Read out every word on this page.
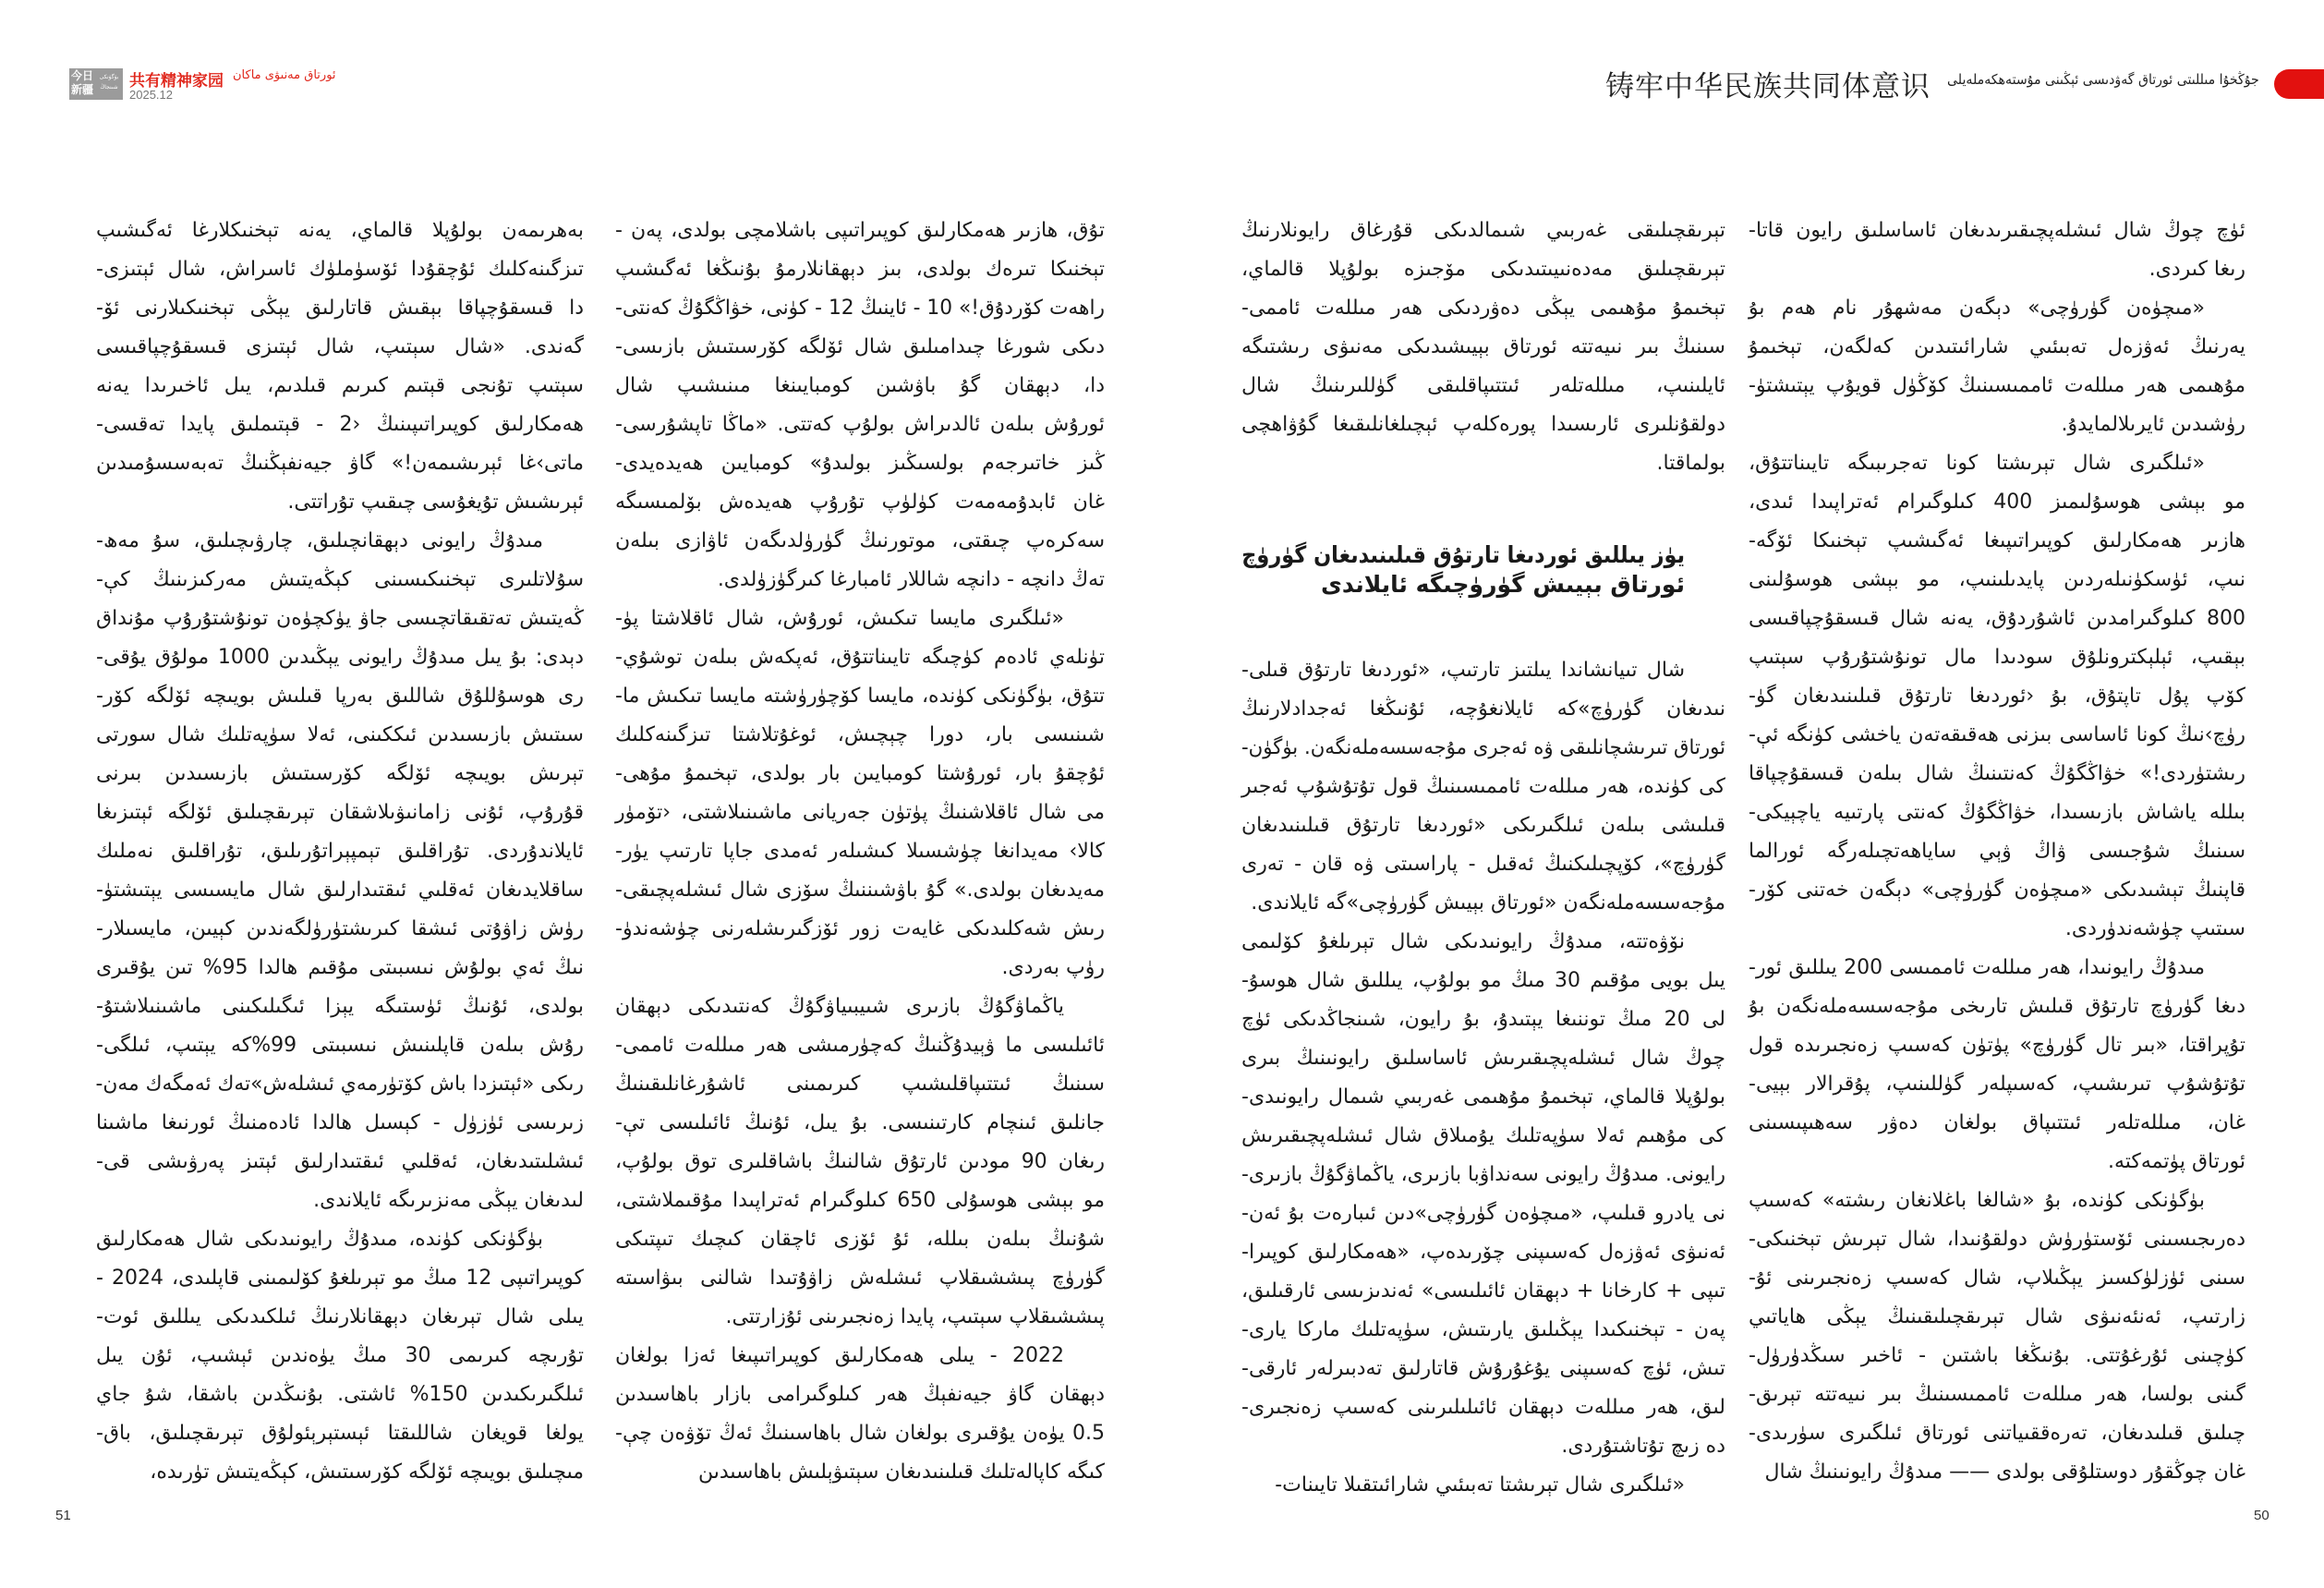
今日新疆
بۈگۈنكى شىنجاڭ 共有精神家园 ئورتاق مەنىۋى ماكان
2025.12	铸牢中华民族共同体意识 جۇڭخۇا مىللىتى ئورتاق گەۋدىسى ئېڭىنى مۇستەھكەملەيلى
بەھرىمەن بولۇپلا قالماي، يەنە تېخنىكلارغا ئەگىشىپ
تىزگىنەكلىك ئۇچقۇدا ئۆسۈملۈك ئاسراش، شال ئېتىزى-
دا قىسقۇچپاقا بېقىش قاتارلىق يېڭى تېخنىكىلارنى ئۆ-
گەندى. «شال سېتىپ، شال ئېتىزى قىسقۇچپاقىسى
سېتىپ تۇنجى قېتىم كىرىم قىلدىم، يىل ئاخىرىدا يەنە
ھەمكارلىق كوپىراتىپىنىڭ ‹2 - قېتىملىق پايدا تەقسى-
ماتى›غا ئېرىشىمەن!» گاۋ جيەنفېڭنىڭ تەبەسسۇمىدىن
ئېرىشىش تۇيغۇسى چىقىپ تۇراتتى.
مىدۇڭ رايونى دېھقانچىلىق، چارۋىچىلىق، سۇ مەھ-
سۇلاتلىرى تېخنىكىسىنى كېڭەيتىش مەركىزىنىڭ كې-
ڭەيتىش تەتقىقاتچىسى جاۋ يۈكچۈەن تونۇشتۇرۇپ مۇنداق
دېدى: بۇ يىل مىدۇڭ رايونى يېڭىدىن 1000 مولۇق يۇقى-
رى ھوسۇللۇق شاللىق بەرپا قىلىش بويىچە ئۆلگە كۆر-
سىتىش بازىسىدىن ئىككىنى، ئەلا سۈپەتلىك شال سورتى
تېرىش بويىچە ئۆلگە كۆرسىتىش بازىسىدىن بىرنى
قۇرۇپ، ئۇنى زامانىۋىلاشقان تېرىقچىلىق ئۆلگە ئېتىزىغا
ئايلاندۇردى. تۇراقلىق تېمپېراتۇرىلىق، تۇراقلىق نەملىك
ساقلايدىغان ئەقلىي ئىقتىدارلىق شال مايسىسى يېتىشتۈ-
رۈش زاۋۇتى ئىشقا كىرىشتۈرۈلگەندىن كېيىن، مايسىلار-
نىڭ ئەي بولۇش نىسبىتى مۇقىم ھالدا 95% تىن يۇقىرى
بولدى، ئۇنىڭ ئۈستىگە يېزا ئىگىلىكىنى ماشىنىلاشتۇ-
رۇش بىلەن قاپلىنىش نىسبىتى 99%كە يېتىپ، ئىلگى-
رىكى «ئېتىزدا باش كۆتۈرمەي ئىشلەش»تەك ئەمگەك مەن-
زىرىسى ئۈزۈل - كېسىل ھالدا ئادەمنىڭ ئورنىغا ماشىنا
ئىشلىتىدىغان، ئەقلىي ئىقتىدارلىق ئېتىز پەرۋىشى قى-
لىدىغان يېڭى مەنزىرىگە ئايلاندى.
بۈگۈنكى كۈندە، مىدۇڭ رايونىدىكى شال ھەمكارلىق
كوپىراتىپى 12 مىڭ مو تېرىلغۇ كۆلىمىنى قاپلىدى، 2024 -
يىلى شال تېرىغان دېھقانلارنىڭ ئىلكىدىكى يىللىق ئوت-
تۇرىچە كىرىمى 30 مىڭ يۈەندىن ئېشىپ، ئۇن يىل
ئىلگىرىكىدىن 150% ئاشتى. بۇنىڭدىن باشقا، شۇ جاي
يولغا قويغان شاللىقتا ئېستېرېئولۇق تېرىقچىلىق، باق-
مىچىلىق بويىچە ئۆلگە كۆرسىتىش، كېڭەيتىش تۈرىدە،
تۇق، ھازىر ھەمكارلىق كوپىراتىپى باشلامچى بولدى، پەن -
تېخنىكا تىرەك بولدى، بىز دېھقانلارمۇ بۇنىڭغا ئەگىشىپ
راھەت كۆردۇق!» 10 - ئاينىڭ 12 - كۈنى، خۋاڭگۇڭ كەنتى-
دىكى شورغا چىدامىلىق شال ئۆلگە كۆرسىتىش بازىسى-
دا، دېھقان گۇ باۋشىن كومبايىنغا مىنىشىپ شال
ئورۇش بىلەن ئالدىراش بولۇپ كەتتى. «ماڭا تاپشۇرسى-
ڭىز خاتىرجەم بولسىڭىز بولىدۇ» كومبايىن ھەيدەيدى-
غان ئابدۇمەمەت كۈلۈپ تۇرۇپ ھەيدەش بۆلمىسىگە
سەكرەپ چىقتى، موتورنىڭ گۈرۈلدىگەن ئاۋازى بىلەن
تەڭ دانچە - دانچە شاللار ئامبارغا كىرگۈزۈلدى.
«ئىلگىرى مايسا تىكىش، ئورۇش، شال ئاقلاشتا پۈ-
تۈنلەي ئادەم كۈچىگە تايىناتتۇق، ئەپكەش بىلەن توشۇي-
تتۇق، بۈگۈنكى كۈندە، مايسا كۆچۈرۈشتە مايسا تىكىش ما-
شىنىسى بار، دورا چېچىش، ئوغۇتلاشتا تىزگىنەكلىك
ئۇچقۇ بار، ئورۇشتا كومبايىن بار بولدى، تېخىمۇ مۇھى-
مى شال ئاقلاشنىڭ پۈتۈن جەريانى ماشىنىلاشتى، ‹تۆمۈر
كالا› مەيدانغا چۈشسىلا كىشىلەر ئەمدى جاپا تارتىپ يۈر-
مەيدىغان بولدى.» گۇ باۋشىننىڭ سۆزى شال ئىشلەپچىقى-
رىش شەكلىدىكى غايەت زور ئۆزگىرىشلەرنى چۈشەندۈ-
رۈپ بەردى.
ياڭماۋگۇڭ بازىرى شىيبىياۋگۇڭ كەنتىدىكى دېھقان
ئائىلىسى ما ۋېيدۇڭنىڭ كەچۈرمىشى ھەر مىللەت ئاممى-
سىنىڭ ئىتتىپاقلىشىپ كىرىمىنى ئاشۇرغانلىقىنىڭ
جانلىق ئىنچام كارتىنىسى. بۇ يىل، ئۇنىڭ ئائىلىسى تې-
رىغان 90 مودىن ئارتۇق شالنىڭ باشاقلىرى توق بولۇپ،
مو بېشى ھوسۇلى 650 كىلوگىرام ئەتراپىدا مۇقىملاشتى،
شۇنىڭ بىلەن بىللە، ئۇ ئۆزى ئاچقان كىچىك تىپتىكى
گۈرۈچ پىششىقلاپ ئىشلەش زاۋۇتىدا شالنى بىۋاسىتە
پىششىقلاپ سېتىپ، پايدا زەنجىرىنى ئۇزارتتى.
2022 - يىلى ھەمكارلىق كوپىراتىپىغا ئەزا بولغان
دېھقان گاۋ جيەنفېڭ ھەر كىلوگىرامى بازار باھاسىدىن
0.5 يۈەن يۇقىرى بولغان شال باھاسىنىڭ ئەڭ تۆۋەن چې-
كىگە كاپالەتلىك قىلىنىدىغان سېتىۋېلىش باھاسىدىن
تېرىقچىلىقى غەربىي شىمالدىكى قۇرغاق رايونلارنىڭ
تېرىقچىلىق مەدەنىيىتىدىكى مۆجىزە بولۇپلا قالماي،
تېخىمۇ مۇھىمى يېڭى دەۋردىكى ھەر مىللەت ئاممى-
سىنىڭ بىر نىيەتتە ئورتاق بېيىشىدىكى مەنىۋى رىشتىگە
ئايلىنىپ، مىللەتلەر ئىتتىپاقلىقى گۈللىرىنىڭ شال
دولقۇنلىرى ئارىسىدا پورەكلەپ ئېچىلغانلىقىغا گۇۋاھچى
بولماقتا.
يۈز يىللىق ئوردىغا تارتۇق قىلىنىدىغان گۈرۈچ
ئورتاق بېيىش گۈرۈچىگە ئايلاندى
شال تىيانشاندا يىلتىز تارتىپ، «ئوردىغا تارتۇق قىلى-
نىدىغان گۈرۈچ»كە ئايلانغۇچە، ئۇنىڭغا ئەجدادلارنىڭ
ئورتاق تىرىشچانلىقى ۋە ئەجرى مۇجەسسەملەنگەن. بۈگۈن-
كى كۈندە، ھەر مىللەت ئاممىسىنىڭ قول تۇتۇشۇپ ئەجىر
قىلىشى بىلەن ئىلگىرىكى «ئوردىغا تارتۇق قىلىنىدىغان
گۈرۈچ»، كۆپچىلىكنىڭ ئەقىل - پاراسىتى ۋە قان - تەرى
مۇجەسسەملەنگەن «ئورتاق بېيىش گۈرۈچى»گە ئايلاندى.
نۆۋەتتە، مىدۇڭ رايونىدىكى شال تېرىلغۇ كۆلىمى
يىل بويى مۇقىم 30 مىڭ مو بولۇپ، يىللىق شال ھوسۇ-
لى 20 مىڭ توننىغا يېتىدۇ، بۇ رايون، شىنجاڭدىكى ئۈچ
چوڭ شال ئىشلەپچىقىرىش ئاساسلىق رايونىنىڭ بىرى
بولۇپلا قالماي، تېخىمۇ مۇھىمى غەربىي شىمال رايونىدى-
كى مۇھىم ئەلا سۈپەتلىك يۇمىلاق شال ئىشلەپچىقىرىش
رايونى. مىدۇڭ رايونى سەنداۋبا بازىرى، ياڭماۋگۇڭ بازىرى-
نى يادرو قىلىپ، «مىچۈەن گۈرۈچى»دىن ئىبارەت بۇ ئەن-
ئەنىۋى ئەۋزەل كەسىپنى چۆرىدەپ، «ھەمكارلىق كوپىرا-
تىپى + كارخانا + دېھقان ئائىلىسى» ئەندىزىسى ئارقىلىق،
پەن - تېخنىكىدا يېڭىلىق يارىتىش، سۈپەتلىك ماركا يارى-
تىش، ئۈچ كەسىپنى يۇغۇرۇش قاتارلىق تەدبىرلەر ئارقى-
لىق، ھەر مىللەت دېھقان ئائىلىلىرىنى كەسىپ زەنجىرى-
دە زىچ تۇتاشتۇردى.
«ئىلگىرى شال تېرىشتا تەبىئىي شارائىتقىلا تايىنات-
ئۈچ چوڭ شال ئىشلەپچىقىرىدىغان ئاساسلىق رايون قاتا-
رىغا كىردى.
«مىچۈەن گۈرۈچى» دېگەن مەشھۇر نام ھەم بۇ
يەرنىڭ ئەۋزەل تەبىئىي شارائىتىدىن كەلگەن، تېخىمۇ
مۇھىمى ھەر مىللەت ئاممىسىنىڭ كۆڭۈل قويۇپ يېتىشتۈ-
رۈشىدىن ئايرىلالمايدۇ.
«ئىلگىرى شال تېرىشتا كونا تەجرىبىگە تايىناتتۇق،
مو بېشى ھوسۇلىمىز 400 كىلوگىرام ئەتراپىدا ئىدى،
ھازىر ھەمكارلىق كوپىراتىپىغا ئەگىشىپ تېخنىكا ئۆگە-
نىپ، ئۈسكۈنىلەردىن پايدىلىنىپ، مو بېشى ھوسۇلىنى
800 كىلوگىرامدىن ئاشۇردۇق، يەنە شال قىسقۇچپاقىسى
بېقىپ، ئېلېكترونلۇق سودىدا مال تونۇشتۇرۇپ سېتىپ
كۆپ پۇل تاپتۇق، بۇ ‹ئوردىغا تارتۇق قىلىنىدىغان گۈ-
رۈچ›نىڭ كونا ئاساسى بىزنى ھەقىقەتەن ياخشى كۈنگە ئې-
رىشتۈردى!» خۋاڭگۇڭ كەنتىنىڭ شال بىلەن قىسقۇچپاقا
بىللە ياشاش بازىسىدا، خۋاڭگۇڭ كەنتى پارتىيە ياچېيكى-
سىنىڭ شۇجىسى ۋاڭ ۋېي ساياھەتچىلەرگە ئورالما
قاپنىڭ تېشىدىكى «مىچۈەن گۈرۈچى» دېگەن خەتنى كۆر-
سىتىپ چۈشەندۈردى.
مىدۇڭ رايونىدا، ھەر مىللەت ئاممىسى 200 يىللىق ئور-
دىغا گۈرۈچ تارتۇق قىلىش تارىخى مۇجەسسەملەنگەن بۇ
تۇپراقتا، «بىر تال گۈرۈچ» پۈتۈن كەسىپ زەنجىرىدە قول
تۇتۇشۇپ تىرىشىپ، كەسىپلەر گۈللىنىپ، پۇقرالار بېيى-
غان، مىللەتلەر ئىتتىپاق بولغان دەۋر سەھىپىسىنى
ئورتاق پۈتمەكتە.
بۈگۈنكى كۈندە، بۇ «شالغا باغلانغان رىشتە» كەسىپ
دەرىجىسىنى ئۆستۈرۈش دولقۇنىدا، شال تېرىش تېخنىكى-
سىنى ئۈزلۈكسىز يېڭىلاپ، شال كەسىپ زەنجىرىنى ئۇ-
زارتىپ، ئەنئەنىۋى شال تېرىقچىلىقىنىڭ يېڭى ھاياتىي
كۈچىنى ئۇرغۇتتى. بۇنىڭغا باشتىن - ئاخىر سىڭدۈرۈل-
گىنى بولسا، ھەر مىللەت ئاممىسىنىڭ بىر نىيەتتە تېرىق-
چىلىق قىلىدىغان، تەرەققىياتنى ئورتاق ئىلگىرى سۈرىدى-
غان چوڭقۇر دوستلۇقى بولدى —— مىدۇڭ رايونىنىڭ شال
51	50
